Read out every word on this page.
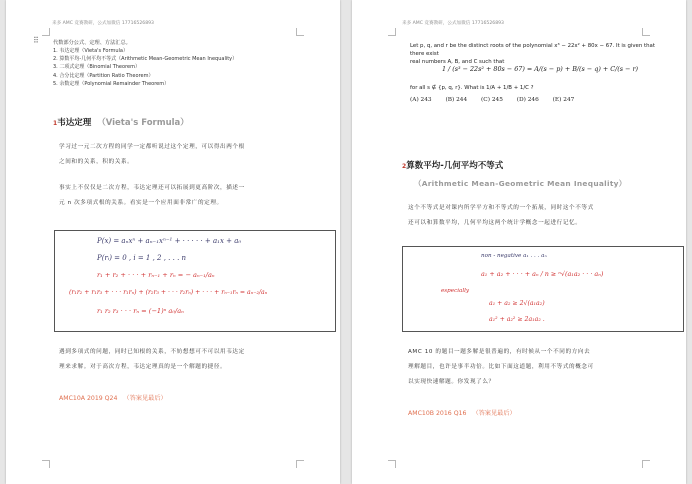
来多 AMC 竞赛教研，公式加微信 17716526893
⠿	代数部分公式、定理、方法汇总。
1. 韦达定理（Vieta's Formula）
2. 算数平均-几何平均不等式（Arithmetic Mean-Geometric Mean Inequality）
3. 二项式定理（Binomial Theorem）
4. 合分比定理（Partition Ratio Theorem）
5. 余数定理（Polynomial Remainder Theorem）
1韦达定理 （Vieta's Formula）
学习过一元二次方程的同学一定都听说过这个定理，可以得出两个根
之间和的关系，积的关系。
事实上不仅仅是二次方程，韦达定理还可以拓展到更高阶次，描述一
元 n 次多项式根的关系。看实是一个应用面非常广的定理。
P(x) = aₙxⁿ + aₙ₋₁xⁿ⁻¹ + · · · · · + a₁x + a₀
P(rᵢ) = 0 , i = 1 , 2 , . . . n
r₁ + r₂ + · · · + rₙ₋₁ + rₙ = − aₙ₋₁/aₙ
(r₁r₂ + r₁r₃ + · · · r₁rₙ) + (r₂r₃ + · · · r₂rₙ) + · · · + rₙ₋₁rₙ = aₙ₋₂/aₙ
r₁ r₂ r₃ · · · rₙ = (−1)ⁿ a₀/aₙ
遇到多项式的问题，同时已知根的关系，不妨想想可不可以用韦达定
理来求解。对于高次方程，韦达定理真的是一个解题的捷径。
AMC10A 2019 Q24 （答案见最后）
来多 AMC 竞赛教研，公式加微信 17716526893
Let p, q, and r be the distinct roots of the polynomial x³ − 22x² + 80x − 67. It is given that there exist
real numbers A, B, and C such that
1 / (s³ − 22s² + 80s − 67) = A/(s − p) + B/(s − q) + C/(s − r)
for all s ∉ {p, q, r}. What is 1/A + 1/B + 1/C ?
(A) 243 (B) 244 (C) 245 (D) 246 (E) 247
2算数平均-几何平均不等式
（Arithmetic Mean-Geometric Mean Inequality）
这个不等式是对课内所学平方和不等式的一个拓展，同时这个不等式
还可以和算数平均，几何平均这两个统计学概念一起进行记忆。
non - negative a₁ . . . aₙ
a₁ + a₂ + · · · + aₙ / n ≥ ⁿ√(a₁a₂ · · · aₙ)
especially
a₁ + a₂ ≥ 2√(a₁a₂)
a₁² + a₂² ≥ 2a₁a₂ .
AMC 10 的题目一题多解是很普遍的，有时候从一个不同的方向去
理解题目，也许是事半功倍。比如下面这道题，利用不等式的概念可
以实现快速解题。你发现了么？
AMC10B 2016 Q16 （答案见最后）
